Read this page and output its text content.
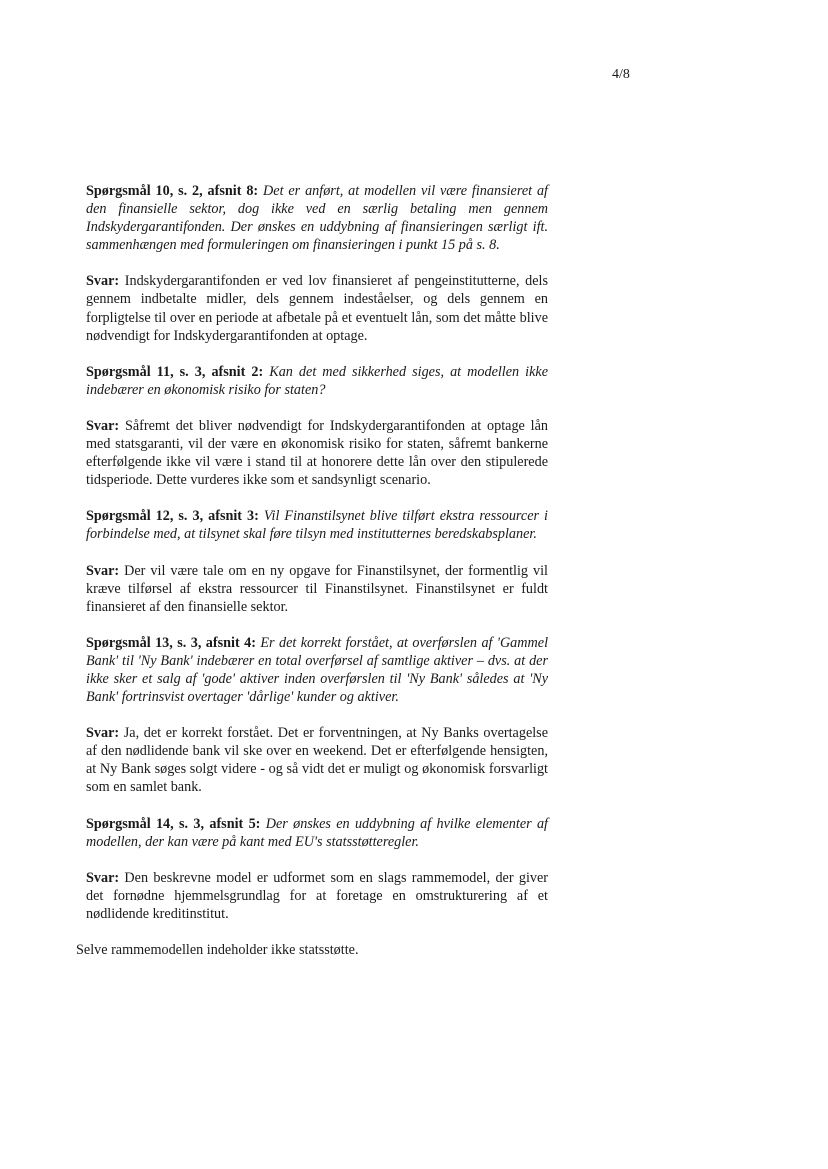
4/8

Spørgsmål 10, s. 2, afsnit 8: Det er anført, at modellen vil være finansieret af den finansielle sektor, dog ikke ved en særlig betaling men gennem Indskydergarantifonden. Der ønskes en uddybning af finansieringen særligt ift. sammenhængen med formuleringen om finansieringen i punkt 15 på s. 8.

Svar: Indskydergarantifonden er ved lov finansieret af pengeinstitutterne, dels gennem indbetalte midler, dels gennem indeståelser, og dels gennem en forpligtelse til over en periode at afbetale på et eventuelt lån, som det måtte blive nødvendigt for Indskydergarantifonden at optage.

Spørgsmål 11, s. 3, afsnit 2: Kan det med sikkerhed siges, at modellen ikke indebærer en økonomisk risiko for staten?

Svar: Såfremt det bliver nødvendigt for Indskydergarantifonden at optage lån med statsgaranti, vil der være en økonomisk risiko for staten, såfremt bankerne efterfølgende ikke vil være i stand til at honorere dette lån over den stipulerede tidsperiode. Dette vurderes ikke som et sandsynligt scenario.

Spørgsmål 12, s. 3, afsnit 3: Vil Finanstilsynet blive tilført ekstra ressourcer i forbindelse med, at tilsynet skal føre tilsyn med institutternes beredskabsplaner.

Svar: Der vil være tale om en ny opgave for Finanstilsynet, der formentlig vil kræve tilførsel af ekstra ressourcer til Finanstilsynet. Finanstilsynet er fuldt finansieret af den finansielle sektor.

Spørgsmål 13, s. 3, afsnit 4: Er det korrekt forstået, at overførslen af 'Gammel Bank' til 'Ny Bank' indebærer en total overførsel af samtlige aktiver – dvs. at der ikke sker et salg af 'gode' aktiver inden overførslen til 'Ny Bank' således at 'Ny Bank' fortrinsvist overtager 'dårlige' kunder og aktiver.

Svar: Ja, det er korrekt forstået. Det er forventningen, at Ny Banks overtagelse af den nødlidende bank vil ske over en weekend. Det er efterfølgende hensigten, at Ny Bank søges solgt videre - og så vidt det er muligt og økonomisk forsvarligt som en samlet bank.

Spørgsmål 14, s. 3, afsnit 5: Der ønskes en uddybning af hvilke elementer af modellen, der kan være på kant med EU's statsstøtteregler.

Svar: Den beskrevne model er udformet som en slags rammemodel, der giver det fornødne hjemmelsgrundlag for at foretage en omstrukturering af et nødlidende kreditinstitut.

Selve rammemodellen indeholder ikke statsstøtte.
